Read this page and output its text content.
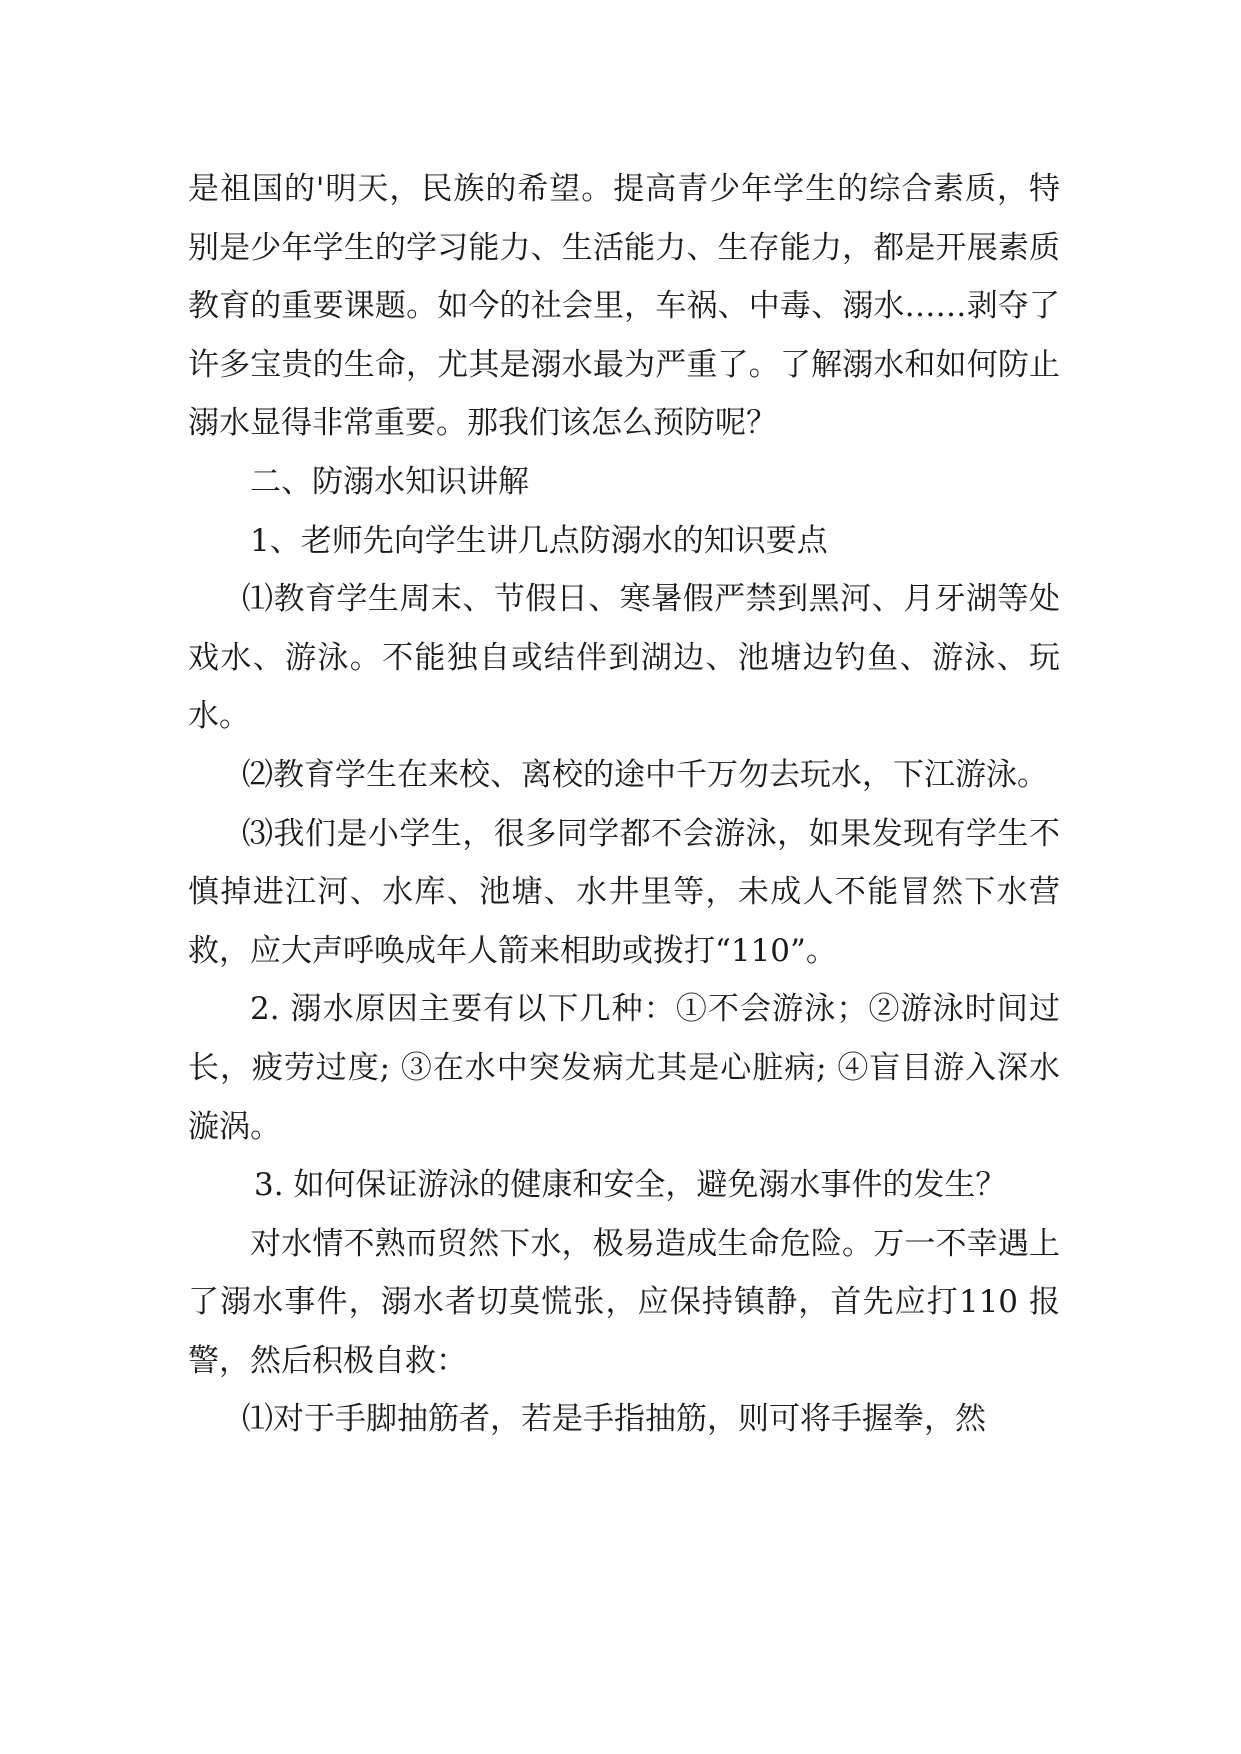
是祖国的'明天，民族的希望。提高青少年学生的综合素质，特别是少年学生的学习能力、生活能力、生存能力，都是开展素质教育的重要课题。如今的社会里，车祸、中毒、溺水……剥夺了许多宝贵的生命，尤其是溺水最为严重了。了解溺水和如何防止溺水显得非常重要。那我们该怎么预防呢？

二、防溺水知识讲解

1、老师先向学生讲几点防溺水的知识要点

⑴教育学生周末、节假日、寒暑假严禁到黑河、月牙湖等处戏水、游泳。不能独自或结伴到湖边、池塘边钓鱼、游泳、玩水。

⑵教育学生在来校、离校的途中千万勿去玩水，下江游泳。

⑶我们是小学生，很多同学都不会游泳，如果发现有学生不慎掉进江河、水库、池塘、水井里等，未成人不能冒然下水营救，应大声呼唤成年人箭来相助或拨打“110”。

2. 溺水原因主要有以下几种：①不会游泳；②游泳时间过长，疲劳过度; ③在水中突发病尤其是心脏病; ④盲目游入深水漩涡。

3. 如何保证游泳的健康和安全，避免溺水事件的发生？

对水情不熟而贸然下水，极易造成生命危险。万一不幸遇上了溺水事件，溺水者切莫慌张，应保持镇静，首先应打110 报警，然后积极自救：

⑴对于手脚抽筋者，若是手指抽筋，则可将手握拳，然
